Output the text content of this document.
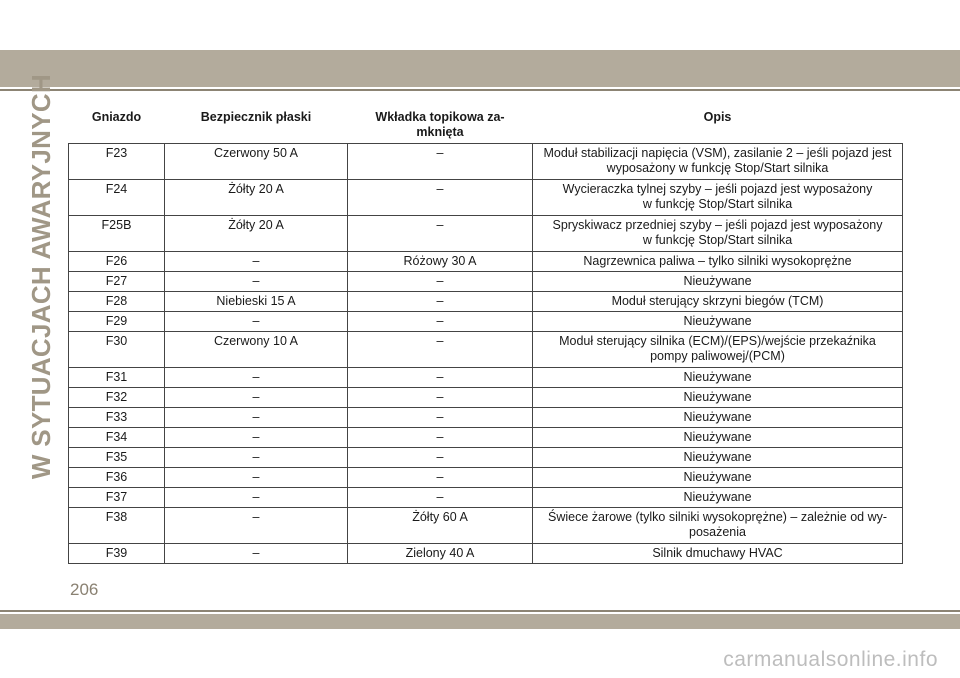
W SYTUACJACH AWARYJNYCH	Gniazdo	Bezpiecznik płaski	Wkładka topikowa za-
mknięta	Opis
F23	Czerwony 50 A	–	Moduł stabilizacji napięcia (VSM), zasilanie 2 – jeśli pojazd jest
wyposażony w funkcję Stop/Start silnika
F24	Żółty 20 A	–	Wycieraczka tylnej szyby – jeśli pojazd jest wyposażony
w funkcję Stop/Start silnika
F25B	Żółty 20 A	–	Spryskiwacz przedniej szyby – jeśli pojazd jest wyposażony
w funkcję Stop/Start silnika
F26	–	Różowy 30 A	Nagrzewnica paliwa – tylko silniki wysokoprężne
F27	–	–	Nieużywane
F28	Niebieski 15 A	–	Moduł sterujący skrzyni biegów (TCM)
F29	–	–	Nieużywane
F30	Czerwony 10 A	–	Moduł sterujący silnika (ECM)/(EPS)/wejście przekaźnika
pompy paliwowej/(PCM)
F31	–	–	Nieużywane
F32	–	–	Nieużywane
F33	–	–	Nieużywane
F34	–	–	Nieużywane
F35	–	–	Nieużywane
F36	–	–	Nieużywane
F37	–	–	Nieużywane
F38	–	Żółty 60 A	Świece żarowe (tylko silniki wysokoprężne) – zależnie od wy-
posażenia
F39	–	Zielony 40 A	Silnik dmuchawy HVAC
206
carmanualsonline.info
